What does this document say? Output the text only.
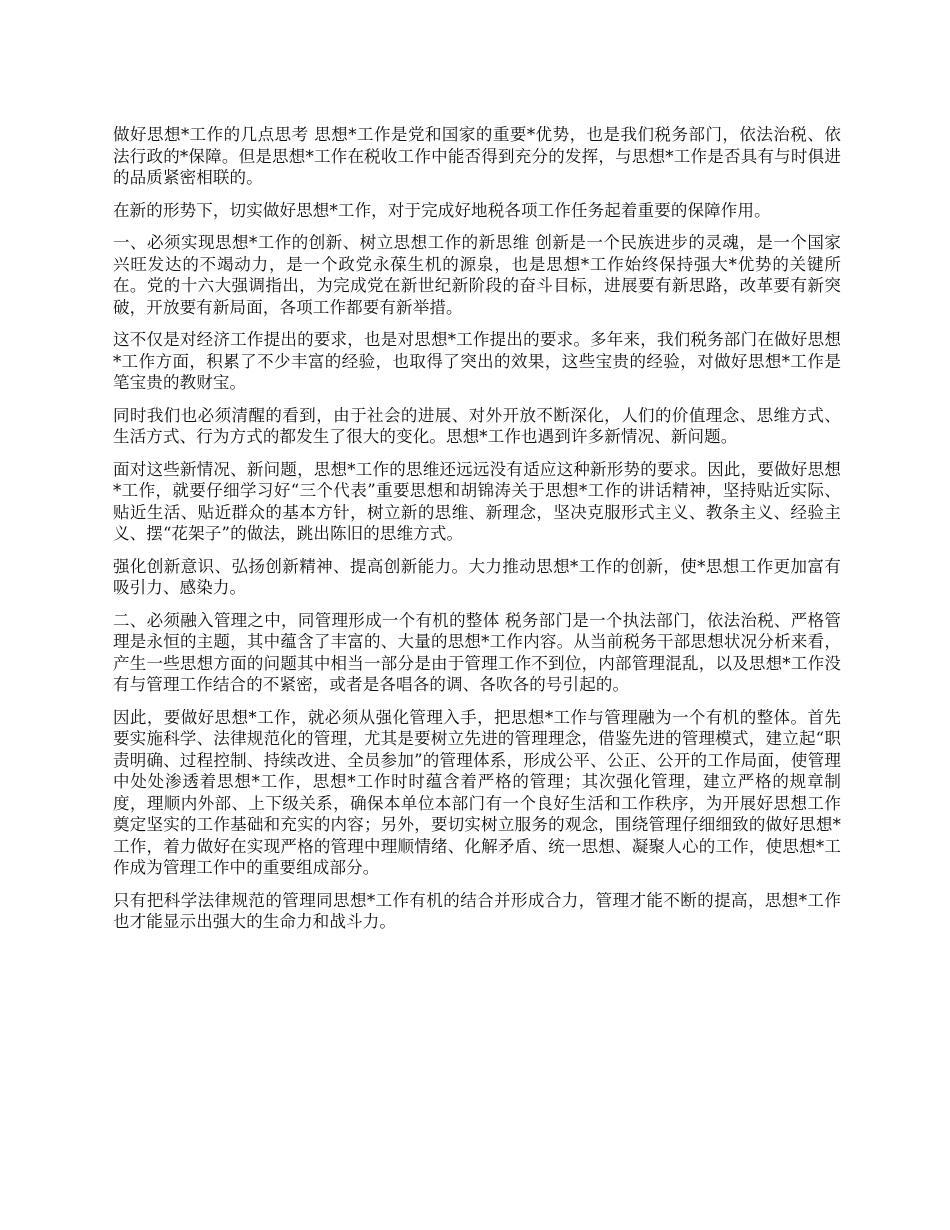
做好思想*工作的几点思考 思想*工作是党和国家的重要*优势，也是我们税务部门，依法治税、依法行政的*保障。但是思想*工作在税收工作中能否得到充分的发挥，与思想*工作是否具有与时俱进的品质紧密相联的。

在新的形势下，切实做好思想*工作，对于完成好地税各项工作任务起着重要的保障作用。

一、必须实现思想*工作的创新、树立思想工作的新思维 创新是一个民族进步的灵魂，是一个国家兴旺发达的不竭动力，是一个政党永葆生机的源泉，也是思想*工作始终保持强大*优势的关键所在。党的十六大强调指出，为完成党在新世纪新阶段的奋斗目标，进展要有新思路，改革要有新突破，开放要有新局面，各项工作都要有新举措。

这不仅是对经济工作提出的要求，也是对思想*工作提出的要求。多年来，我们税务部门在做好思想*工作方面，积累了不少丰富的经验，也取得了突出的效果，这些宝贵的经验，对做好思想*工作是笔宝贵的教财宝。

同时我们也必须清醒的看到，由于社会的进展、对外开放不断深化，人们的价值理念、思维方式、生活方式、行为方式的都发生了很大的变化。思想*工作也遇到许多新情况、新问题。

面对这些新情况、新问题，思想*工作的思维还远远没有适应这种新形势的要求。因此，要做好思想*工作，就要仔细学习好“三个代表”重要思想和胡锦涛关于思想*工作的讲话精神，坚持贴近实际、贴近生活、贴近群众的基本方针，树立新的思维、新理念，坚决克服形式主义、教条主义、经验主义、摆“花架子”的做法，跳出陈旧的思维方式。

强化创新意识、弘扬创新精神、提高创新能力。大力推动思想*工作的创新，使*思想工作更加富有吸引力、感染力。

二、必须融入管理之中，同管理形成一个有机的整体 税务部门是一个执法部门，依法治税、严格管理是永恒的主题，其中蕴含了丰富的、大量的思想*工作内容。从当前税务干部思想状况分析来看，产生一些思想方面的问题其中相当一部分是由于管理工作不到位，内部管理混乱，以及思想*工作没有与管理工作结合的不紧密，或者是各唱各的调、各吹各的号引起的。

因此，要做好思想*工作，就必须从强化管理入手，把思想*工作与管理融为一个有机的整体。首先要实施科学、法律规范化的管理，尤其是要树立先进的管理理念，借鉴先进的管理模式，建立起“职责明确、过程控制、持续改进、全员参加”的管理体系，形成公平、公正、公开的工作局面，使管理中处处渗透着思想*工作，思想*工作时时蕴含着严格的管理；其次强化管理，建立严格的规章制度，理顺内外部、上下级关系，确保本单位本部门有一个良好生活和工作秩序，为开展好思想工作奠定坚实的工作基础和充实的内容；另外，要切实树立服务的观念，围绕管理仔细细致的做好思想*工作，着力做好在实现严格的管理中理顺情绪、化解矛盾、统一思想、凝聚人心的工作，使思想*工作成为管理工作中的重要组成部分。

只有把科学法律规范的管理同思想*工作有机的结合并形成合力，管理才能不断的提高，思想*工作也才能显示出强大的生命力和战斗力。
